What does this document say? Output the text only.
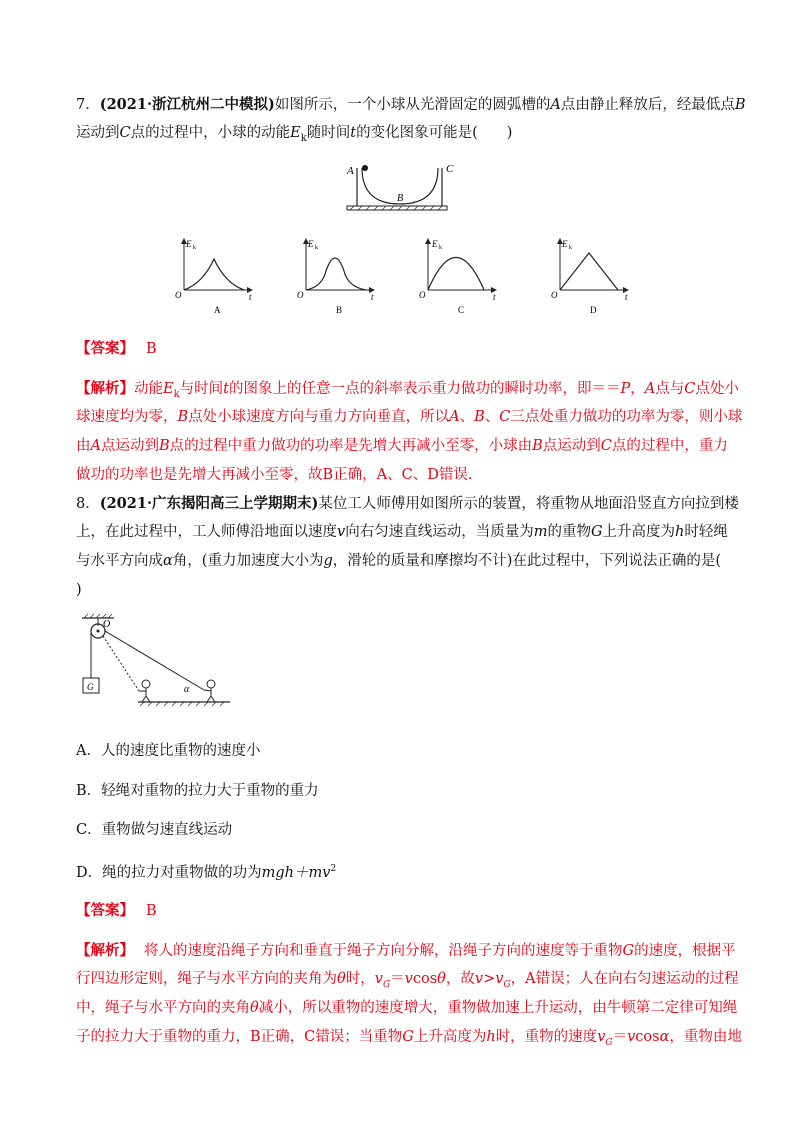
7．(2021·浙江杭州二中模拟)如图所示，一个小球从光滑固定的圆弧槽的A点由静止释放后，经最低点B
运动到C点的过程中，小球的动能$E_k$随时间t的变化图象可能是(　　)
A	C
B
E k
O	t
A
E k
O	t
B
E k
O	t
C
E k
O	t
D
【答案】 B
【解析】动能$E_k$与时间t的图象上的任意一点的斜率表示重力做功的瞬时功率，即＝＝P，A点与C点处小
球速度均为零，B点处小球速度方向与重力方向垂直，所以A、B、C三点处重力做功的功率为零，则小球
由A点运动到B点的过程中重力做功的功率是先增大再减小至零，小球由B点运动到C点的过程中，重力
做功的功率也是先增大再减小至零，故B正确，A、C、D错误.
8．(2021·广东揭阳高三上学期期末)某位工人师傅用如图所示的装置，将重物从地面沿竖直方向拉到楼
上，在此过程中，工人师傅沿地面以速度v向右匀速直线运动，当质量为m的重物G上升高度为h时轻绳
与水平方向成α角，(重力加速度大小为g，滑轮的质量和摩擦均不计)在此过程中，下列说法正确的是(
)
O
G	α
A．人的速度比重物的速度小
B．轻绳对重物的拉力大于重物的重力
C．重物做匀速直线运动
D．绳的拉力对重物做的功为$mgh+mv^2$
【答案】 B
【解析】 将人的速度沿绳子方向和垂直于绳子方向分解，沿绳子方向的速度等于重物G的速度，根据平
行四边形定则，绳子与水平方向的夹角为θ时，$v_G=vcos\theta$，故$v>v_G$，A错误；人在向右匀速运动的过程
中，绳子与水平方向的夹角θ减小，所以重物的速度增大，重物做加速上升运动，由牛顿第二定律可知绳
子的拉力大于重物的重力，B正确，C错误；当重物G上升高度为h时，重物的速度$v_G=vcos\alpha$，重物由地
